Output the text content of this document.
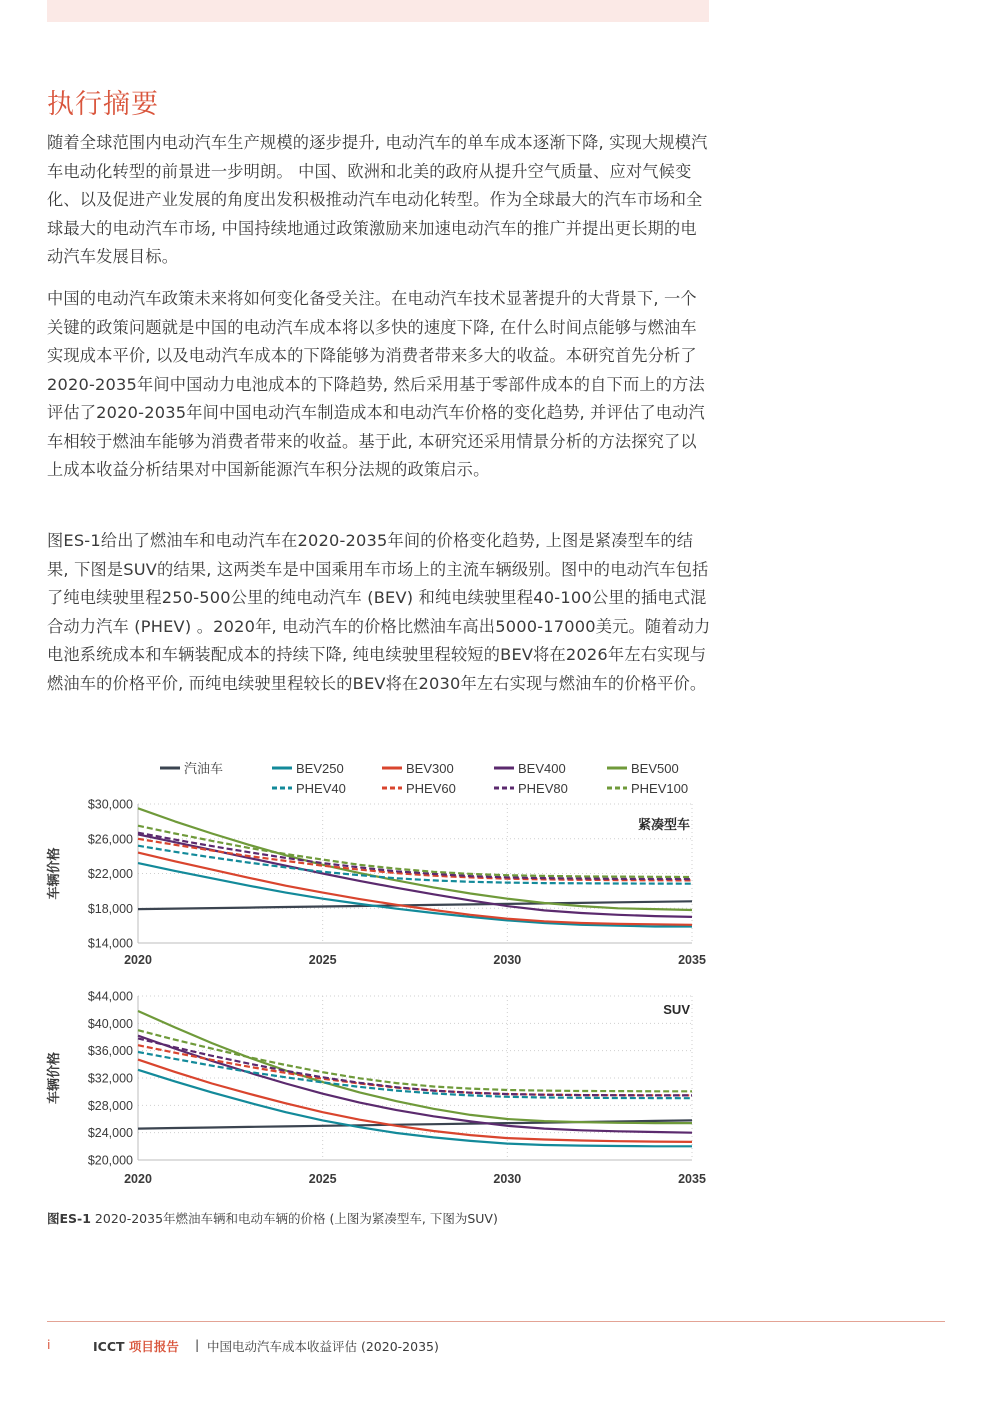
执行摘要

随着全球范围内电动汽车生产规模的逐步提升, 电动汽车的单车成本逐渐下降, 实现大规模汽车电动化转型的前景进一步明朗。 中国、欧洲和北美的政府从提升空气质量、应对气候变化、以及促进产业发展的角度出发积极推动汽车电动化转型。作为全球最大的汽车市场和全球最大的电动汽车市场, 中国持续地通过政策激励来加速电动汽车的推广并提出更长期的电动汽车发展目标。

中国的电动汽车政策未来将如何变化备受关注。在电动汽车技术显著提升的大背景下, 一个关键的政策问题就是中国的电动汽车成本将以多快的速度下降, 在什么时间点能够与燃油车实现成本平价, 以及电动汽车成本的下降能够为消费者带来多大的收益。本研究首先分析了2020-2035年间中国动力电池成本的下降趋势, 然后采用基于零部件成本的自下而上的方法评估了2020-2035年间中国电动汽车制造成本和电动汽车价格的变化趋势, 并评估了电动汽车相较于燃油车能够为消费者带来的收益。基于此, 本研究还采用情景分析的方法探究了以上成本收益分析结果对中国新能源汽车积分法规的政策启示。

图ES-1给出了燃油车和电动汽车在2020-2035年间的价格变化趋势, 上图是紧凑型车的结果, 下图是SUV的结果, 这两类车是中国乘用车市场上的主流车辆级别。图中的电动汽车包括了纯电续驶里程250-500公里的纯电动汽车 (BEV) 和纯电续驶里程40-100公里的插电式混合动力汽车 (PHEV) 。2020年, 电动汽车的价格比燃油车高出5000-17000美元。随着动力电池系统成本和车辆装配成本的持续下降, 纯电续驶里程较短的BEV将在2026年左右实现与燃油车的价格平价, 而纯电续驶里程较长的BEV将在2030年左右实现与燃油车的价格平价。

汽油车	BEV250	BEV300	BEV400	BEV500
PHEV40	PHEV60	PHEV80	PHEV100
$14,000
$18,000
$22,000
$26,000
$30,000
2020	2025	2030	2035
车辆价格
紧凑型车
$20,000
$24,000
$28,000
$32,000
$36,000
$40,000
$44,000
2020	2025	2030	2035
车辆价格
SUV
图ES-1 2020-2035年燃油车辆和电动车辆的价格 (上图为紧凑型车, 下图为SUV)
i	ICCT 项目报告 | 中国电动汽车成本收益评估 (2020-2035)
